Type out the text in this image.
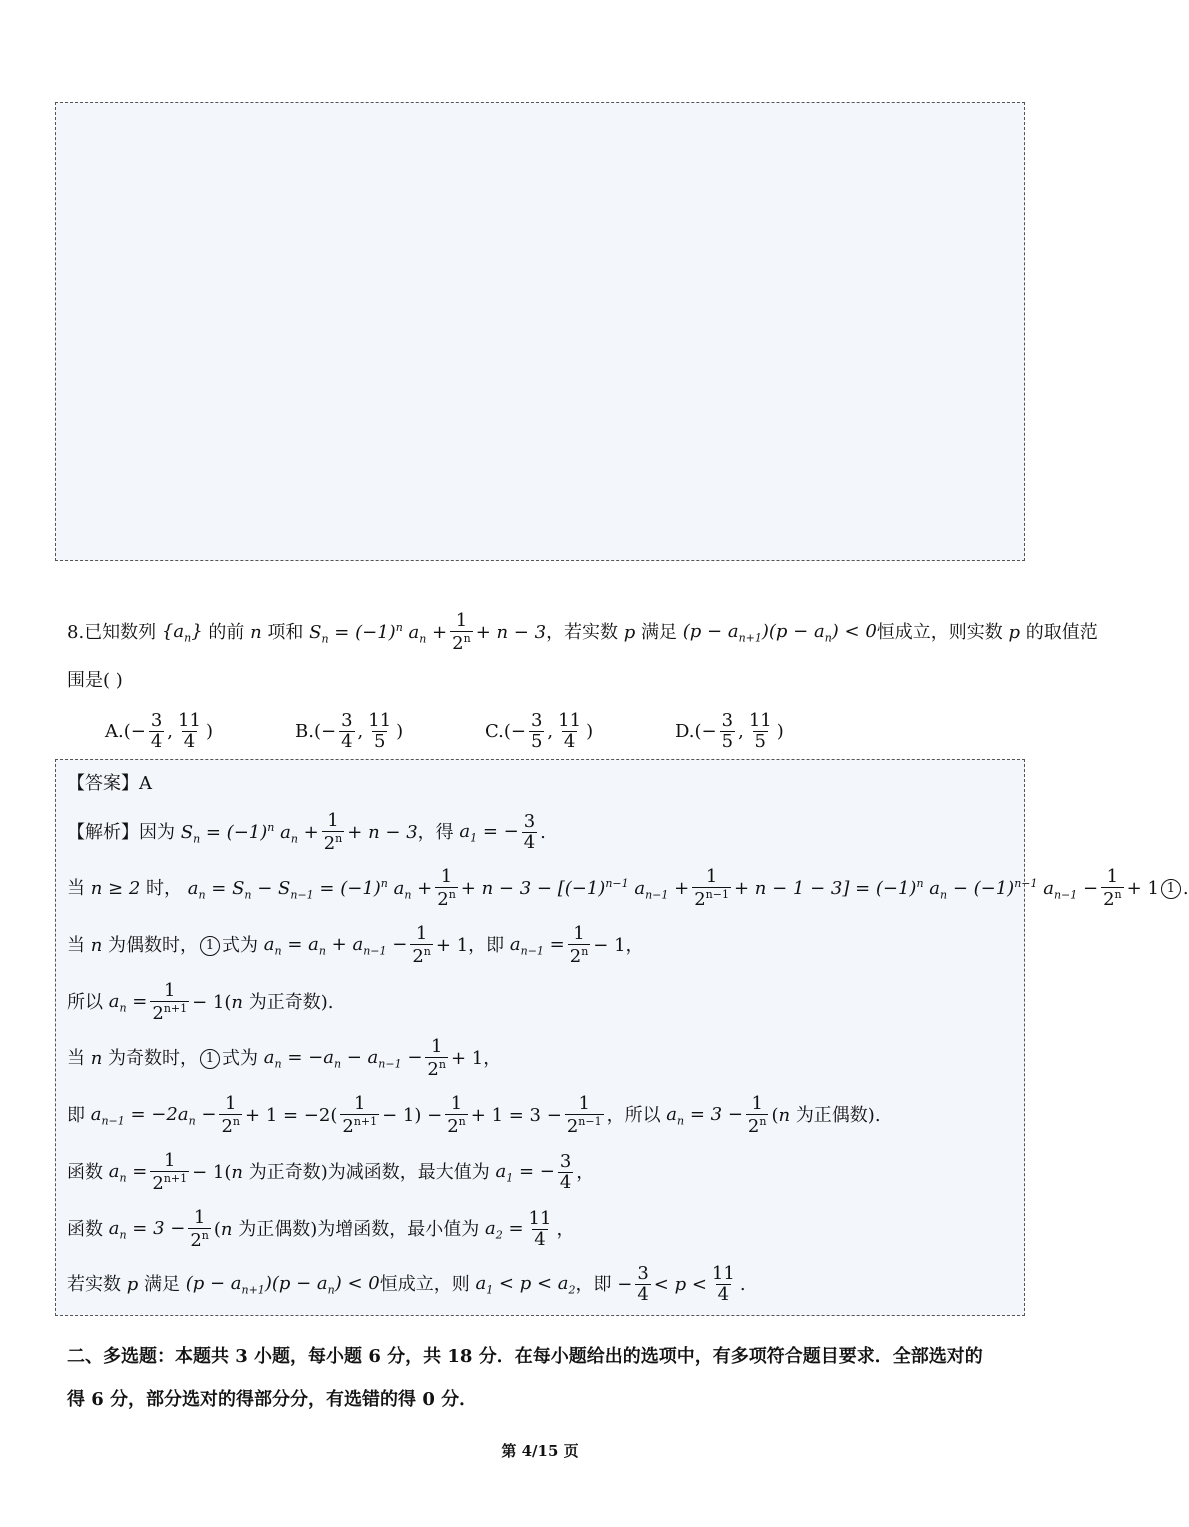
8. 已知数列 $\{a_n\}$ 的前 n 项和 $S_n = (-1)^n$ $a_n + \frac{1}{2^n} + n - 3$ ，若实数 p 满足 $(p - a_{n+1})(p - a_n) < 0$ 恒成立，则实数 p 的取值范
围是( )
A. (− $\frac{3}{4}$ , $\frac{11}{4}$ )	B. (− $\frac{3}{4}$ , $\frac{11}{5}$ )	C. (− $\frac{3}{5}$ , $\frac{11}{4}$ )	D. (− $\frac{3}{5}$ , $\frac{11}{5}$ )
【答案】A
【解析】 因为 $S_n = (-1)^n$ $a_n + \frac{1}{2^n} + n - 3$ ，得 $a_1$ = − $\frac{3}{4}$ .
当 n ≥ 2 时， $a_n = S_n - S_{n-1} = (-1)^n$ $a_n + \frac{1}{2^n} + n - 3 - [(-1)^{n-1}$ $a_{n-1} + \frac{1}{2^{n-1}} + n - 1 - 3] = (-1)^n$ $a_n - (-1)^{n-1}$ $a_{n-1} - \frac{1}{2^n} + 1$ 1 .
当 n 为偶数时， 1 式为 $a_n = a_n + a_{n-1} - \frac{1}{2^n} + 1$ ，即 $a_{n-1} = \frac{1}{2^n} - 1$，
所以 $a_n = \frac{1}{2^{n+1}} - 1(n$ 为正奇数).
当 n 为奇数时， 1 式为 $a_n = -a_n - a_{n-1} - \frac{1}{2^n} + 1$，
即 $a_{n-1} = -2a_n - \frac{1}{2^n} + 1 = -2( \frac{1}{2^{n+1}} - 1) - \frac{1}{2^n} + 1 = 3 - \frac{1}{2^{n-1}}$ ，所以 $a_n = 3 - \frac{1}{2^n} (n$ 为正偶数).
函数 $a_n = \frac{1}{2^{n+1}} - 1(n$ 为正奇数)为减函数，最大值为 $a_1$ = − $\frac{3}{4}$ ，
函数 $a_n = 3 - \frac{1}{2^n} (n$ 为正偶数)为增函数，最小值为 $a_2 = \frac{11}{4}$ ，
若实数 p 满足 $(p - a_{n+1})(p - a_n) < 0$ 恒成立，则 $a_1 < p < a_2$ ，即 − $\frac{3}{4} < p < \frac{11}{4}$ .
二、多选题：本题共 3 小题，每小题 6 分，共 18 分．在每小题给出的选项中，有多项符合题目要求．全部选对的
得 6 分，部分选对的得部分分，有选错的得 0 分．
第 4/15 页
